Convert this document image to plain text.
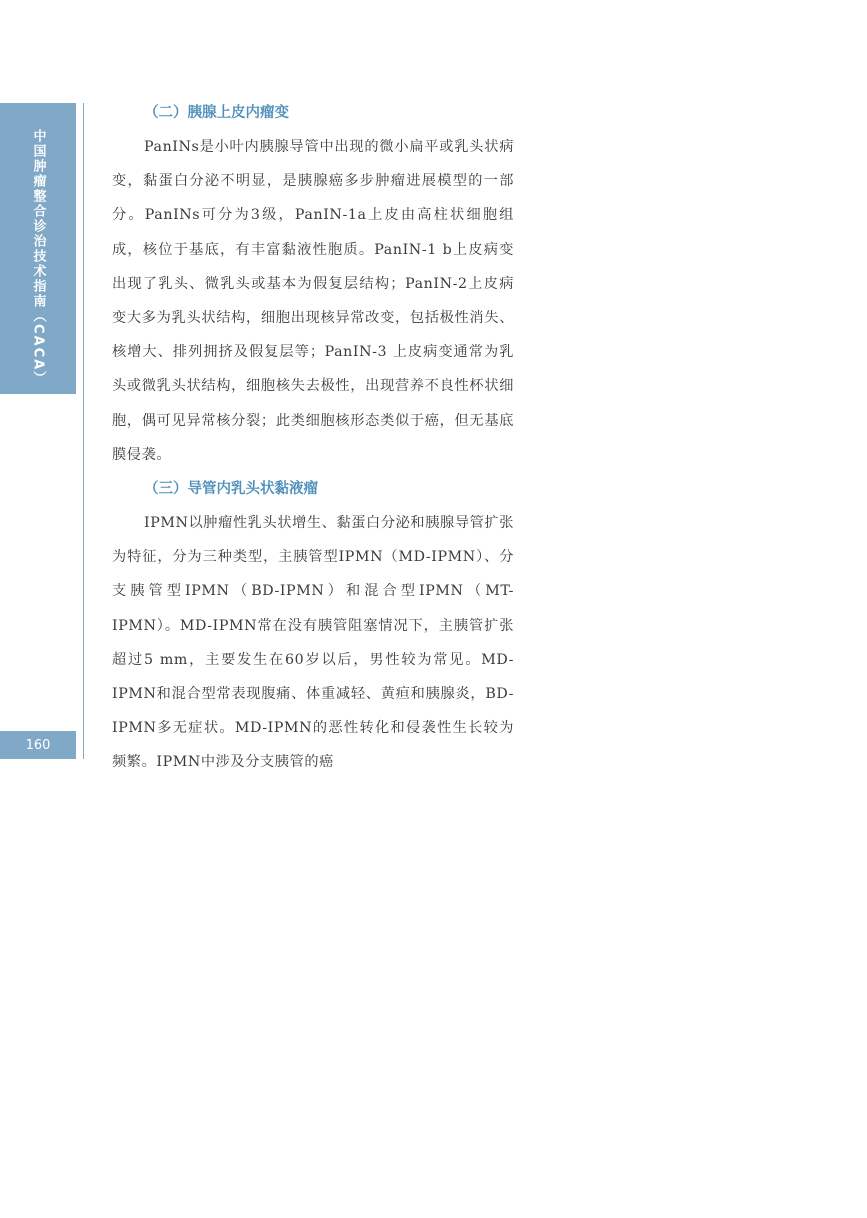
中国肿瘤整合诊治技术指南（CACA）
160
（二）胰腺上皮内瘤变

PanINs是小叶内胰腺导管中出现的微小扁平或乳头状病变，黏蛋白分泌不明显，是胰腺癌多步肿瘤进展模型的一部分。PanINs可分为3级，PanIN-1a上皮由高柱状细胞组成，核位于基底，有丰富黏液性胞质。PanIN-1 b上皮病变出现了乳头、微乳头或基本为假复层结构；PanIN-2上皮病变大多为乳头状结构，细胞出现核异常改变，包括极性消失、核增大、排列拥挤及假复层等；PanIN-3 上皮病变通常为乳头或微乳头状结构，细胞核失去极性，出现营养不良性杯状细胞，偶可见异常核分裂；此类细胞核形态类似于癌，但无基底膜侵袭。

（三）导管内乳头状黏液瘤

IPMN以肿瘤性乳头状增生、黏蛋白分泌和胰腺导管扩张为特征，分为三种类型，主胰管型IPMN（MD-IPMN）、分支胰管型IPMN（BD-IPMN）和混合型IPMN（MT-IPMN）。MD-IPMN常在没有胰管阻塞情况下，主胰管扩张超过5 mm，主要发生在60岁以后，男性较为常见。MD-IPMN和混合型常表现腹痛、体重减轻、黄疸和胰腺炎，BD-IPMN多无症状。MD-IPMN的恶性转化和侵袭性生长较为频繁。IPMN中涉及分支胰管的癌
